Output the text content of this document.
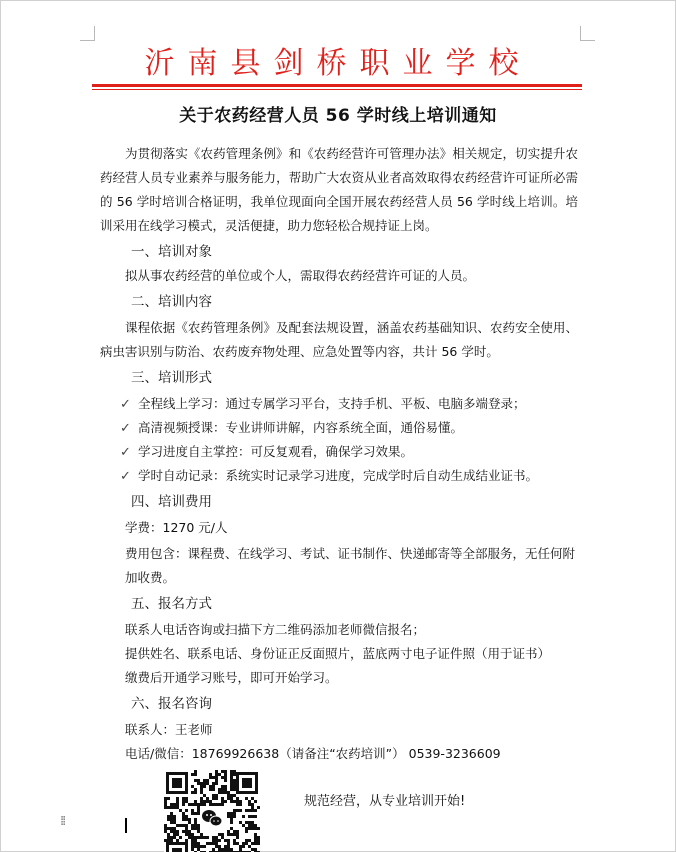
沂南县剑桥职业学校
关于农药经营人员 56 学时线上培训通知
为贯彻落实《农药管理条例》和《农药经营许可管理办法》相关规定，切实提升农药经营人员专业素养与服务能力，帮助广大农资从业者高效取得农药经营许可证所必需的 56 学时培训合格证明，我单位现面向全国开展农药经营人员 56 学时线上培训。培训采用在线学习模式，灵活便捷，助力您轻松合规持证上岗。
一、培训对象
拟从事农药经营的单位或个人，需取得农药经营许可证的人员。
二、培训内容
课程依据《农药管理条例》及配套法规设置，涵盖农药基础知识、农药安全使用、病虫害识别与防治、农药废弃物处理、应急处置等内容，共计 56 学时。
三、培训形式
✓ 全程线上学习：通过专属学习平台，支持手机、平板、电脑多端登录；
✓ 高清视频授课：专业讲师讲解，内容系统全面，通俗易懂。
✓ 学习进度自主掌控：可反复观看，确保学习效果。
✓ 学时自动记录：系统实时记录学习进度，完成学时后自动生成结业证书。
四、培训费用
学费：1270 元/人
费用包含：课程费、在线学习、考试、证书制作、快递邮寄等全部服务，无任何附加收费。
五、报名方式
联系人电话咨询或扫描下方二维码添加老师微信报名；
提供姓名、联系电话、身份证正反面照片，蓝底两寸电子证件照（用于证书）
缴费后开通学习账号，即可开始学习。
六、报名咨询
联系人：王老师
电话/微信：18769926638（请备注“农药培训”） 0539-3236609
规范经营，从专业培训开始!
⁞⁞
